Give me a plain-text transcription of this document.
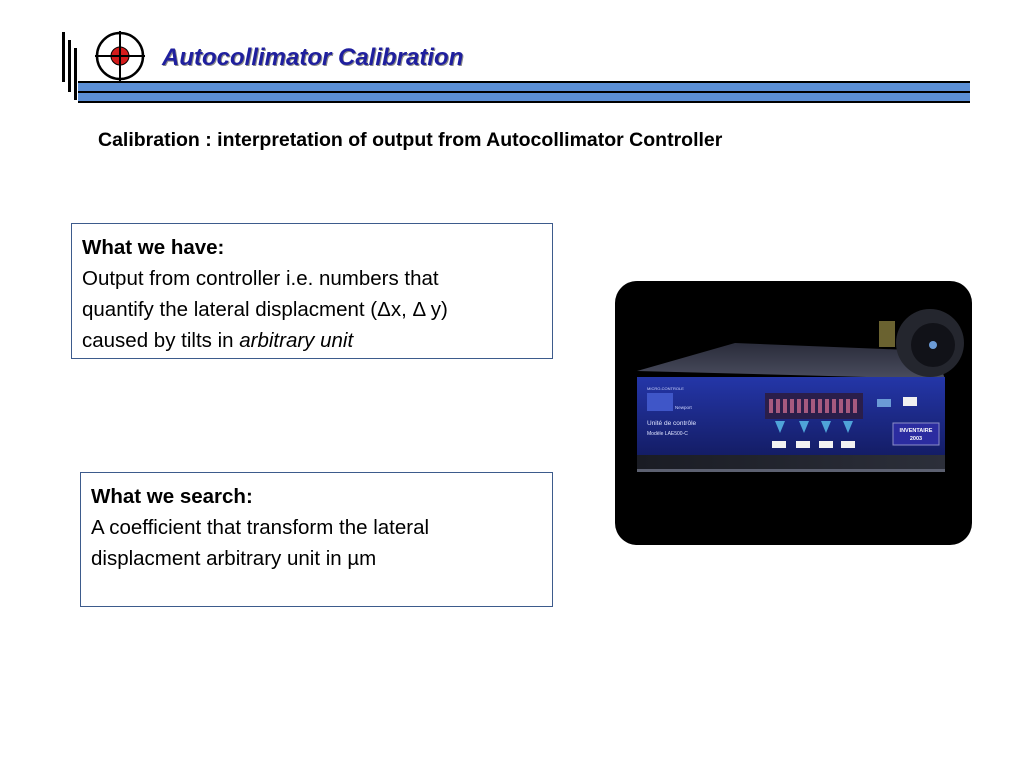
Autocollimator Calibration
Calibration : interpretation of output from Autocollimator Controller
What we have:
Output from controller i.e. numbers that
quantify the lateral displacment (Δx, Δ y)
caused by tilts in arbitrary unit
What we search:
A coefficient that transform the lateral
displacment arbitrary unit in µm
INVENTAIRE
2003
MICRO-CONTROLE
Newport
Unité de contrôle
Modèle LAE500-C
